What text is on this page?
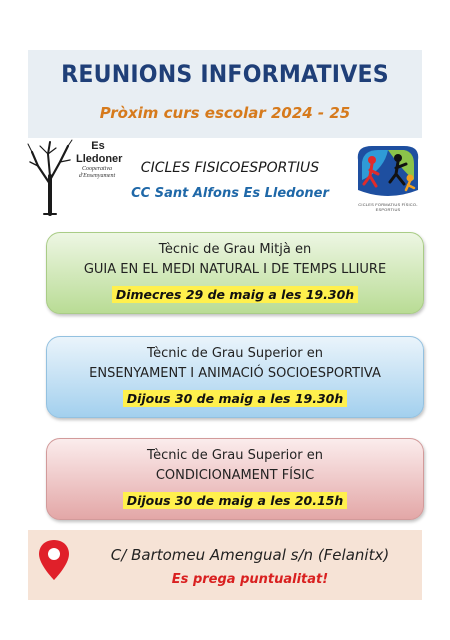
REUNIONS INFORMATIVES
Pròxim curs escolar 2024 - 25
Es
Lledoner
Cooperativa
d'Ensenyament	CICLES FISICOESPORTIUS
CC Sant Alfons Es Lledoner
CICLES FORMATIUS FÍSICO-ESPORTIUS
Tècnic de Grau Mitjà en
GUIA EN EL MEDI NATURAL I DE TEMPS LLIURE
Dimecres 29 de maig a les 19.30h
Tècnic de Grau Superior en
ENSENYAMENT I ANIMACIÓ SOCIOESPORTIVA
Dijous 30 de maig a les 19.30h
Tècnic de Grau Superior en
CONDICIONAMENT FÍSIC
Dijous 30 de maig a les 20.15h
C/ Bartomeu Amengual s/n (Felanitx)
Es prega puntualitat!
